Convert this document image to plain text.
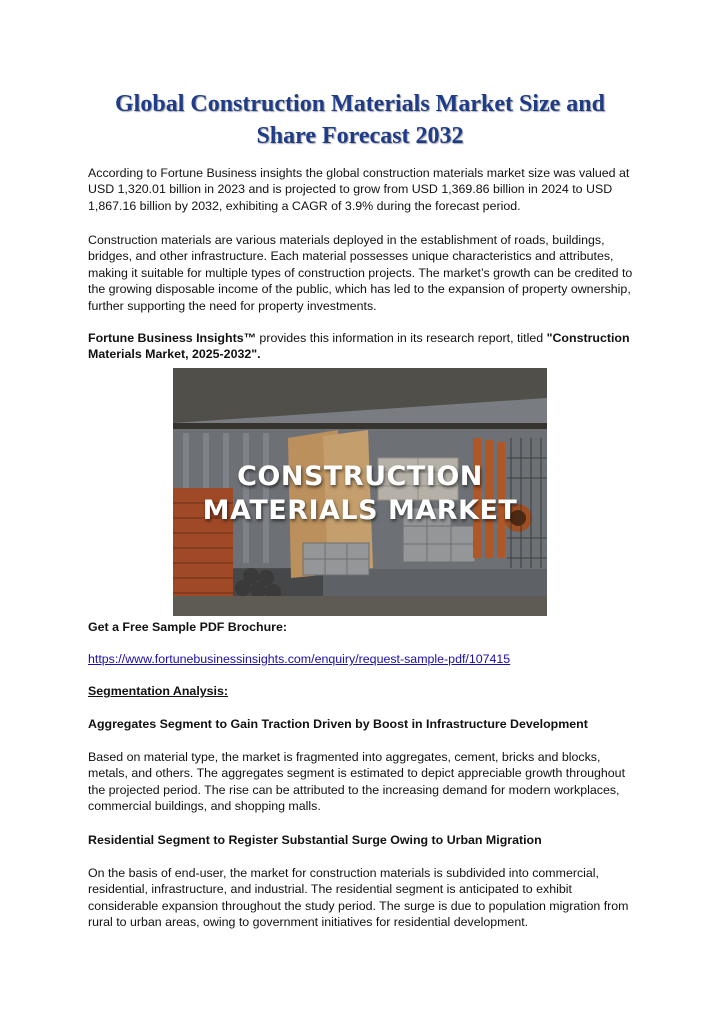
Global Construction Materials Market Size and
Share Forecast 2032

According to Fortune Business insights the global construction materials market size was valued at USD 1,320.01 billion in 2023 and is projected to grow from USD 1,369.86 billion in 2024 to USD 1,867.16 billion by 2032, exhibiting a CAGR of 3.9% during the forecast period.

Construction materials are various materials deployed in the establishment of roads, buildings, bridges, and other infrastructure. Each material possesses unique characteristics and attributes, making it suitable for multiple types of construction projects. The market’s growth can be credited to the growing disposable income of the public, which has led to the expansion of property ownership, further supporting the need for property investments.

Fortune Business Insights™ provides this information in its research report, titled "Construction Materials Market, 2025-2032".

CONSTRUCTION
MATERIALS MARKET

Get a Free Sample PDF Brochure:

https://www.fortunebusinessinsights.com/enquiry/request-sample-pdf/107415

Segmentation Analysis:

Aggregates Segment to Gain Traction Driven by Boost in Infrastructure Development

Based on material type, the market is fragmented into aggregates, cement, bricks and blocks, metals, and others. The aggregates segment is estimated to depict appreciable growth throughout the projected period. The rise can be attributed to the increasing demand for modern workplaces, commercial buildings, and shopping malls.

Residential Segment to Register Substantial Surge Owing to Urban Migration

On the basis of end-user, the market for construction materials is subdivided into commercial, residential, infrastructure, and industrial. The residential segment is anticipated to exhibit considerable expansion throughout the study period. The surge is due to population migration from rural to urban areas, owing to government initiatives for residential development.
